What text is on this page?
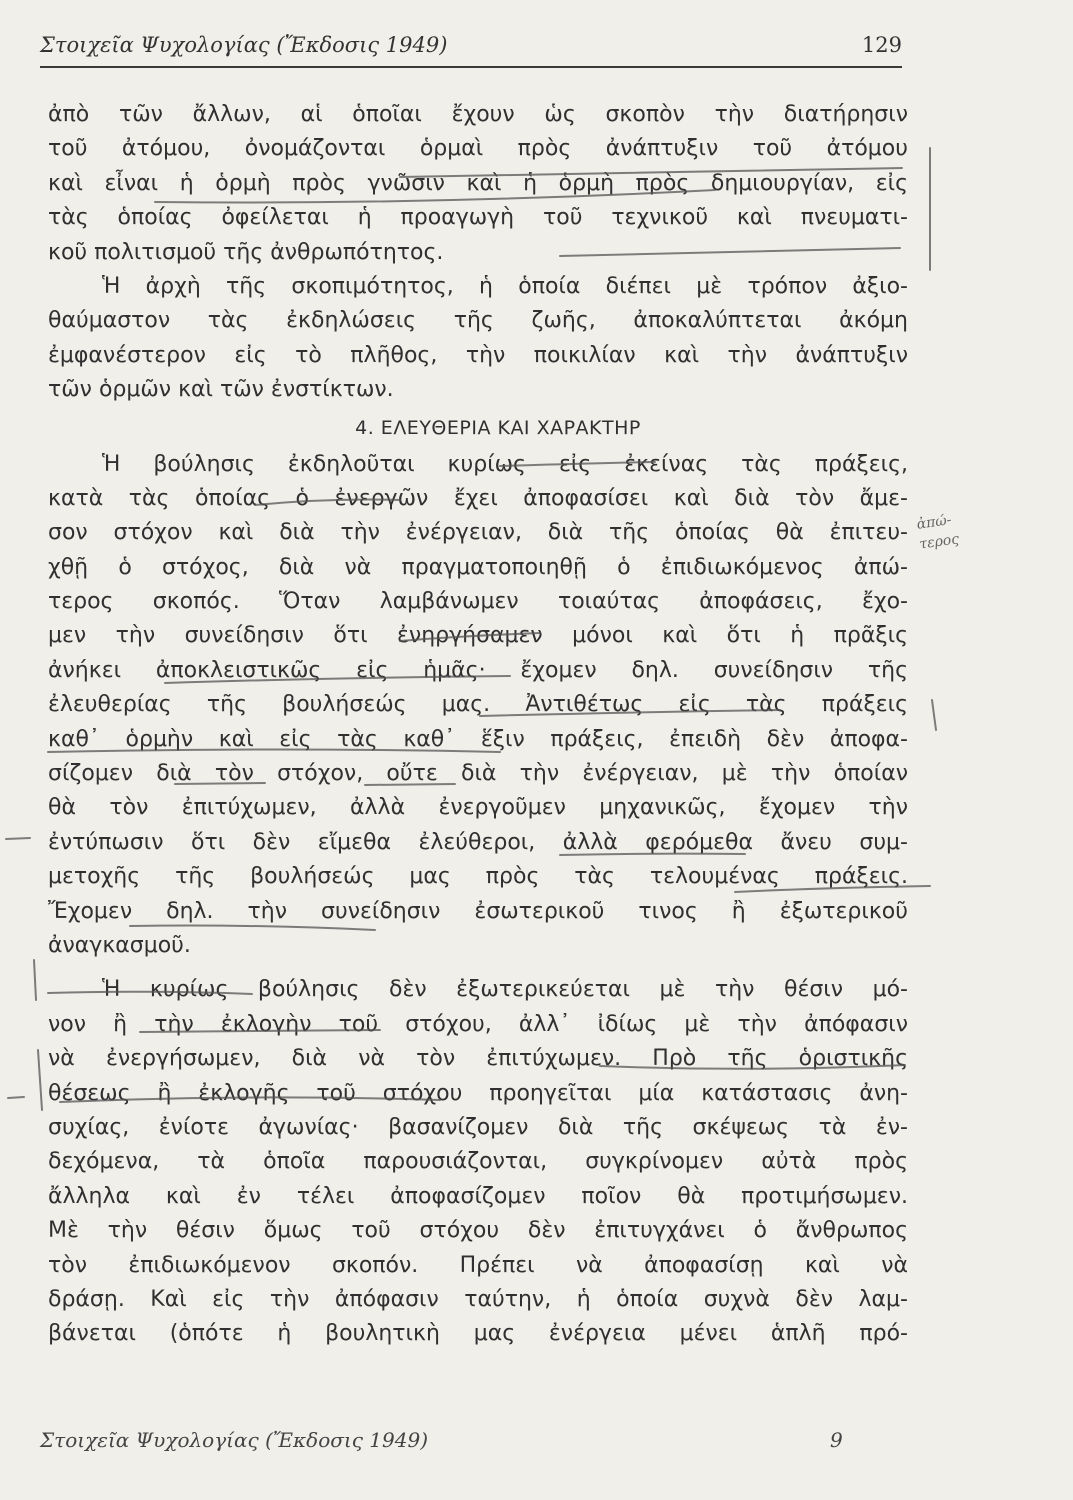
Στοιχεῖα Ψυχολογίας (Ἔκδοσις 1949)	129
ἀπὸ τῶν ἄλλων, αἱ ὁποῖαι ἔχουν ὡς σκοπὸν τὴν διατήρησιν
τοῦ ἀτόμου, ὀνομάζονται ὁρμαὶ πρὸς ἀνάπτυξιν τοῦ ἀτόμου
καὶ εἶναι ἡ ὁρμὴ πρὸς γνῶσιν καὶ ἡ ὁρμὴ πρὸς δημιουργίαν, εἰς
τὰς ὁποίας ὀφείλεται ἡ προαγωγὴ τοῦ τεχνικοῦ καὶ πνευματι-
κοῦ πολιτισμοῦ τῆς ἀνθρωπότητος.
Ἡ ἀρχὴ τῆς σκοπιμότητος, ἡ ὁποία διέπει μὲ τρόπον ἀξιο-
θαύμαστον τὰς ἐκδηλώσεις τῆς ζωῆς, ἀποκαλύπτεται ἀκόμη
ἐμφανέστερον εἰς τὸ πλῆθος, τὴν ποικιλίαν καὶ τὴν ἀνάπτυξιν
τῶν ὁρμῶν καὶ τῶν ἐνστίκτων.
4. ΕΛΕΥΘΕΡΙΑ ΚΑΙ ΧΑΡΑΚΤΗΡ
Ἡ βούλησις ἐκδηλοῦται κυρίως εἰς ἐκείνας τὰς πράξεις,
κατὰ τὰς ὁποίας ὁ ἐνεργῶν ἔχει ἀποφασίσει καὶ διὰ τὸν ἄμε-
σον στόχον καὶ διὰ τὴν ἐνέργειαν, διὰ τῆς ὁποίας θὰ ἐπιτευ-
χθῇ ὁ στόχος, διὰ νὰ πραγματοποιηθῇ ὁ ἐπιδιωκόμενος ἀπώ-
τερος σκοπός. Ὅταν λαμβάνωμεν τοιαύτας ἀποφάσεις, ἔχο-
μεν τὴν συνείδησιν ὅτι ἐνηργήσαμεν μόνοι καὶ ὅτι ἡ πρᾶξις
ἀνήκει ἀποκλειστικῶς εἰς ἡμᾶς· ἔχομεν δηλ. συνείδησιν τῆς
ἐλευθερίας τῆς βουλήσεώς μας. Ἀντιθέτως εἰς τὰς πράξεις
καθ᾽ ὁρμὴν καὶ εἰς τὰς καθ᾽ ἕξιν πράξεις, ἐπειδὴ δὲν ἀποφα-
σίζομεν διὰ τὸν στόχον, οὔτε διὰ τὴν ἐνέργειαν, μὲ τὴν ὁποίαν
θὰ τὸν ἐπιτύχωμεν, ἀλλὰ ἐνεργοῦμεν μηχανικῶς, ἔχομεν τὴν
ἐντύπωσιν ὅτι δὲν εἴμεθα ἐλεύθεροι, ἀλλὰ φερόμεθα ἄνευ συμ-
μετοχῆς τῆς βουλήσεώς μας πρὸς τὰς τελουμένας πράξεις.
Ἔχομεν δηλ. τὴν συνείδησιν ἐσωτερικοῦ τινος ἢ ἐξωτερικοῦ
ἀναγκασμοῦ.
Ἡ κυρίως βούλησις δὲν ἐξωτερικεύεται μὲ τὴν θέσιν μό-
νον ἢ τὴν ἐκλογὴν τοῦ στόχου, ἀλλ᾽ ἰδίως μὲ τὴν ἀπόφασιν
νὰ ἐνεργήσωμεν, διὰ νὰ τὸν ἐπιτύχωμεν. Πρὸ τῆς ὁριστικῆς
θέσεως ἢ ἐκλογῆς τοῦ στόχου προηγεῖται μία κατάστασις ἀνη-
συχίας, ἐνίοτε ἀγωνίας· βασανίζομεν διὰ τῆς σκέψεως τὰ ἐν-
δεχόμενα, τὰ ὁποῖα παρουσιάζονται, συγκρίνομεν αὐτὰ πρὸς
ἄλληλα καὶ ἐν τέλει ἀποφασίζομεν ποῖον θὰ προτιμήσωμεν.
Μὲ τὴν θέσιν ὅμως τοῦ στόχου δὲν ἐπιτυγχάνει ὁ ἄνθρωπος
τὸν ἐπιδιωκόμενον σκοπόν. Πρέπει νὰ ἀποφασίσῃ καὶ νὰ
δράσῃ. Καὶ εἰς τὴν ἀπόφασιν ταύτην, ἡ ὁποία συχνὰ δὲν λαμ-
βάνεται (ὁπότε ἡ βουλητικὴ μας ἐνέργεια μένει ἁπλῆ πρό-
Στοιχεῖα Ψυχολογίας (Ἔκδοσις 1949)	9
ἀπώ-
τερος
